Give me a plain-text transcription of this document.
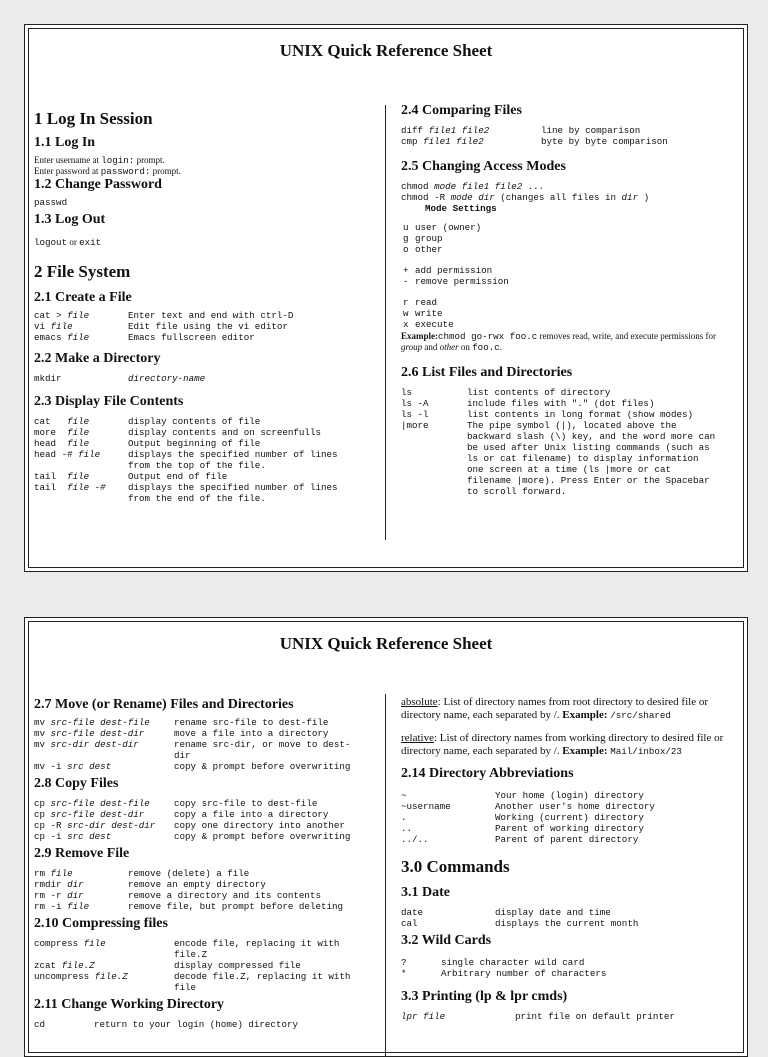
UNIX Quick Reference Sheet
1 Log In Session
1.1 Log In
Enter username at login: prompt.
Enter password at password: prompt.
1.2 Change Password
passwd
1.3 Log Out
logout or exit
2 File System
2.1 Create a File
cat > file	Enter text and end with ctrl-D
vi file	Edit file using the vi editor
emacs file	Emacs fullscreen editor
2.2 Make a Directory
mkdir	directory-name
2.3 Display File Contents
cat   file	display contents of file
more  file	display contents and on screenfulls
head  file	Output beginning of file
head -# file	displays the specified number of lines
from the top of the file.
tail  file	Output end of file
tail  file -#	displays the specified number of lines
from the end of the file.
2.4 Comparing Files
diff file1 file2	line by comparison
cmp file1 file2	byte by byte comparison
2.5 Changing Access Modes
chmod mode file1 file2 ...
chmod -R mode dir (changes all files in dir )
Mode Settings
u user (owner)
g group
o other
+ add permission
- remove permission
r read
w write
x execute
Example:chmod go-rwx foo.c removes read, write, and execute permissions for group and other on foo.c.
2.6 List Files and Directories
ls	list contents of directory
ls -A	include files with "." (dot files)
ls -l	list contents in long format (show modes)
|more	The pipe symbol (|), located above the
backward slash (\) key, and the word more can
be used after Unix listing commands (such as
ls or cat filename) to display information
one screen at a time (ls |more or cat
filename |more). Press Enter or the Spacebar
to scroll forward.
UNIX Quick Reference Sheet
2.7 Move (or Rename) Files and Directories
mv src-file dest-file	rename src-file to dest-file
mv src-file dest-dir	move a file into a directory
mv src-dir dest-dir	rename src-dir, or move to dest-
dir
mv -i src dest	copy & prompt before overwriting
2.8 Copy Files
cp src-file dest-file	copy src-file to dest-file
cp src-file dest-dir	copy a file into a directory
cp -R src-dir dest-dir	copy one directory into another
cp -i src dest	copy & prompt before overwriting
2.9 Remove File
rm file	remove (delete) a file
rmdir dir	remove an empty directory
rm -r dir	remove a directory and its contents
rm -i file	remove file, but prompt before deleting
2.10 Compressing files
compress file	encode file, replacing it with
file.Z
zcat file.Z	display compressed file
uncompress file.Z	decode file.Z, replacing it with
file
2.11 Change Working Directory
cd	return to your login (home) directory
absolute: List of directory names from root directory to desired file or directory name, each separated by /. Example: /src/shared
relative: List of directory names from working directory to desired file or directory name, each separated by /. Example: Mail/inbox/23
2.14 Directory Abbreviations
~	Your home (login) directory
~username	Another user's home directory
.	Working (current) directory
..	Parent of working directory
../..	Parent of parent directory
3.0 Commands
3.1 Date
date	display date and time
cal	displays the current month
3.2 Wild Cards
?	single character wild card
*	Arbitrary number of characters
3.3 Printing (lp & lpr cmds)
lpr file	print file on default printer
